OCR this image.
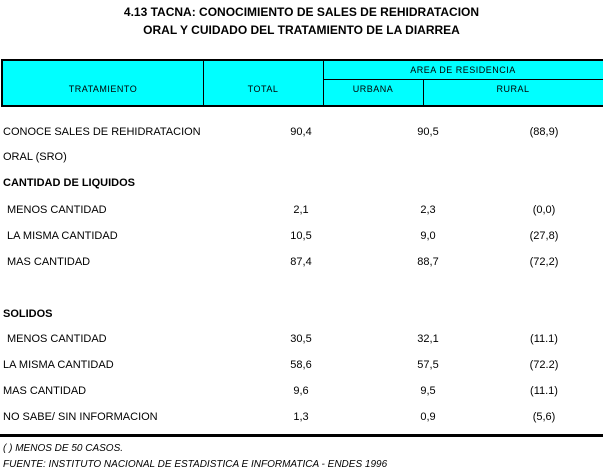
4.13 TACNA: CONOCIMIENTO DE SALES DE REHIDRATACION
ORAL Y CUIDADO DEL TRATAMIENTO DE LA DIARREA
TRATAMIENTO	TOTAL
AREA DE RESIDENCIA
URBANA	RURAL
CONOCE SALES DE REHIDRATACION	90,4	90,5	(88,9)
ORAL (SRO)
CANTIDAD DE LIQUIDOS
MENOS CANTIDAD	2,1	2,3	(0,0)
LA MISMA CANTIDAD	10,5	9,0	(27,8)
MAS CANTIDAD	87,4	88,7	(72,2)
SOLIDOS
MENOS CANTIDAD	30,5	32,1	(11.1)
LA MISMA CANTIDAD	58,6	57,5	(72.2)
MAS CANTIDAD	9,6	9,5	(11.1)
NO SABE/ SIN INFORMACION	1,3	0,9	(5,6)
( ) MENOS DE 50 CASOS.
FUENTE: INSTITUTO NACIONAL DE ESTADISTICA E INFORMATICA - ENDES 1996
